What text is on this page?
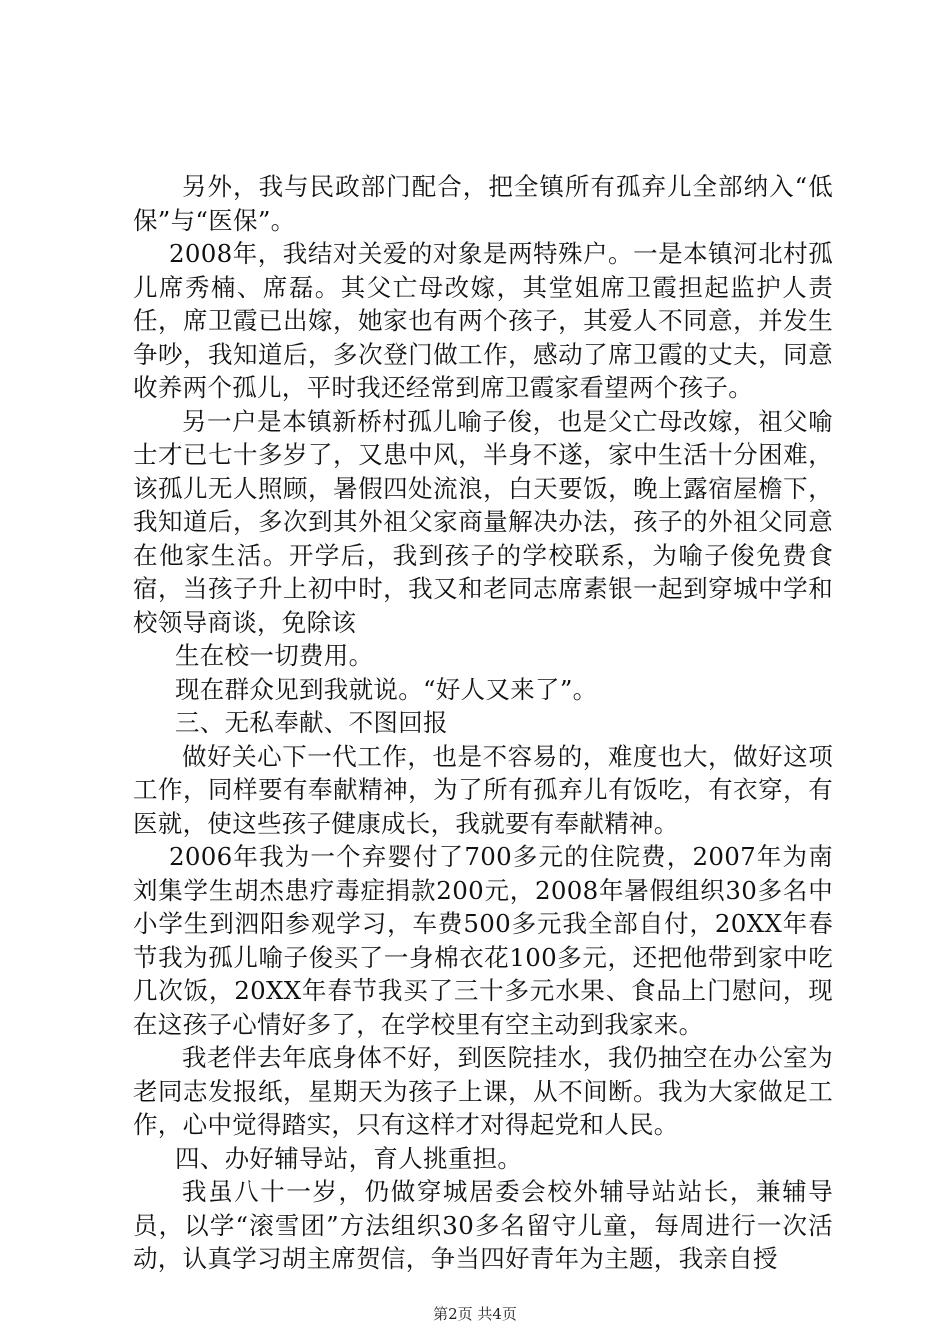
另外，我与民政部门配合，把全镇所有孤弃儿全部纳入“低保”与“医保”。

2008年，我结对关爱的对象是两特殊户。一是本镇河北村孤儿席秀楠、席磊。其父亡母改嫁，其堂姐席卫霞担起监护人责任，席卫霞已出嫁，她家也有两个孩子，其爱人不同意，并发生争吵，我知道后，多次登门做工作，感动了席卫霞的丈夫，同意收养两个孤儿，平时我还经常到席卫霞家看望两个孩子。

另一户是本镇新桥村孤儿喻子俊，也是父亡母改嫁，祖父喻士才已七十多岁了，又患中风，半身不遂，家中生活十分困难，该孤儿无人照顾，暑假四处流浪，白天要饭，晚上露宿屋檐下，我知道后，多次到其外祖父家商量解决办法，孩子的外祖父同意在他家生活。开学后，我到孩子的学校联系，为喻子俊免费食宿，当孩子升上初中时，我又和老同志席素银一起到穿城中学和校领导商谈，免除该

生在校一切费用。

现在群众见到我就说。“好人又来了”。

三、无私奉献、不图回报

做好关心下一代工作，也是不容易的，难度也大，做好这项工作，同样要有奉献精神，为了所有孤弃儿有饭吃，有衣穿，有医就，使这些孩子健康成长，我就要有奉献精神。

2006年我为一个弃婴付了700多元的住院费，2007年为南刘集学生胡杰患疗毒症捐款200元，2008年暑假组织30多名中小学生到泗阳参观学习，车费500多元我全部自付，20XX年春节我为孤儿喻子俊买了一身棉衣花100多元，还把他带到家中吃几次饭，20XX年春节我买了三十多元水果、食品上门慰问，现在这孩子心情好多了，在学校里有空主动到我家来。

我老伴去年底身体不好，到医院挂水，我仍抽空在办公室为老同志发报纸，星期天为孩子上课，从不间断。我为大家做足工作，心中觉得踏实，只有这样才对得起党和人民。

四、办好辅导站，育人挑重担。

我虽八十一岁，仍做穿城居委会校外辅导站站长，兼辅导员，以学“滚雪团”方法组织30多名留守儿童，每周进行一次活动，认真学习胡主席贺信，争当四好青年为主题，我亲自授

第2页 共4页
